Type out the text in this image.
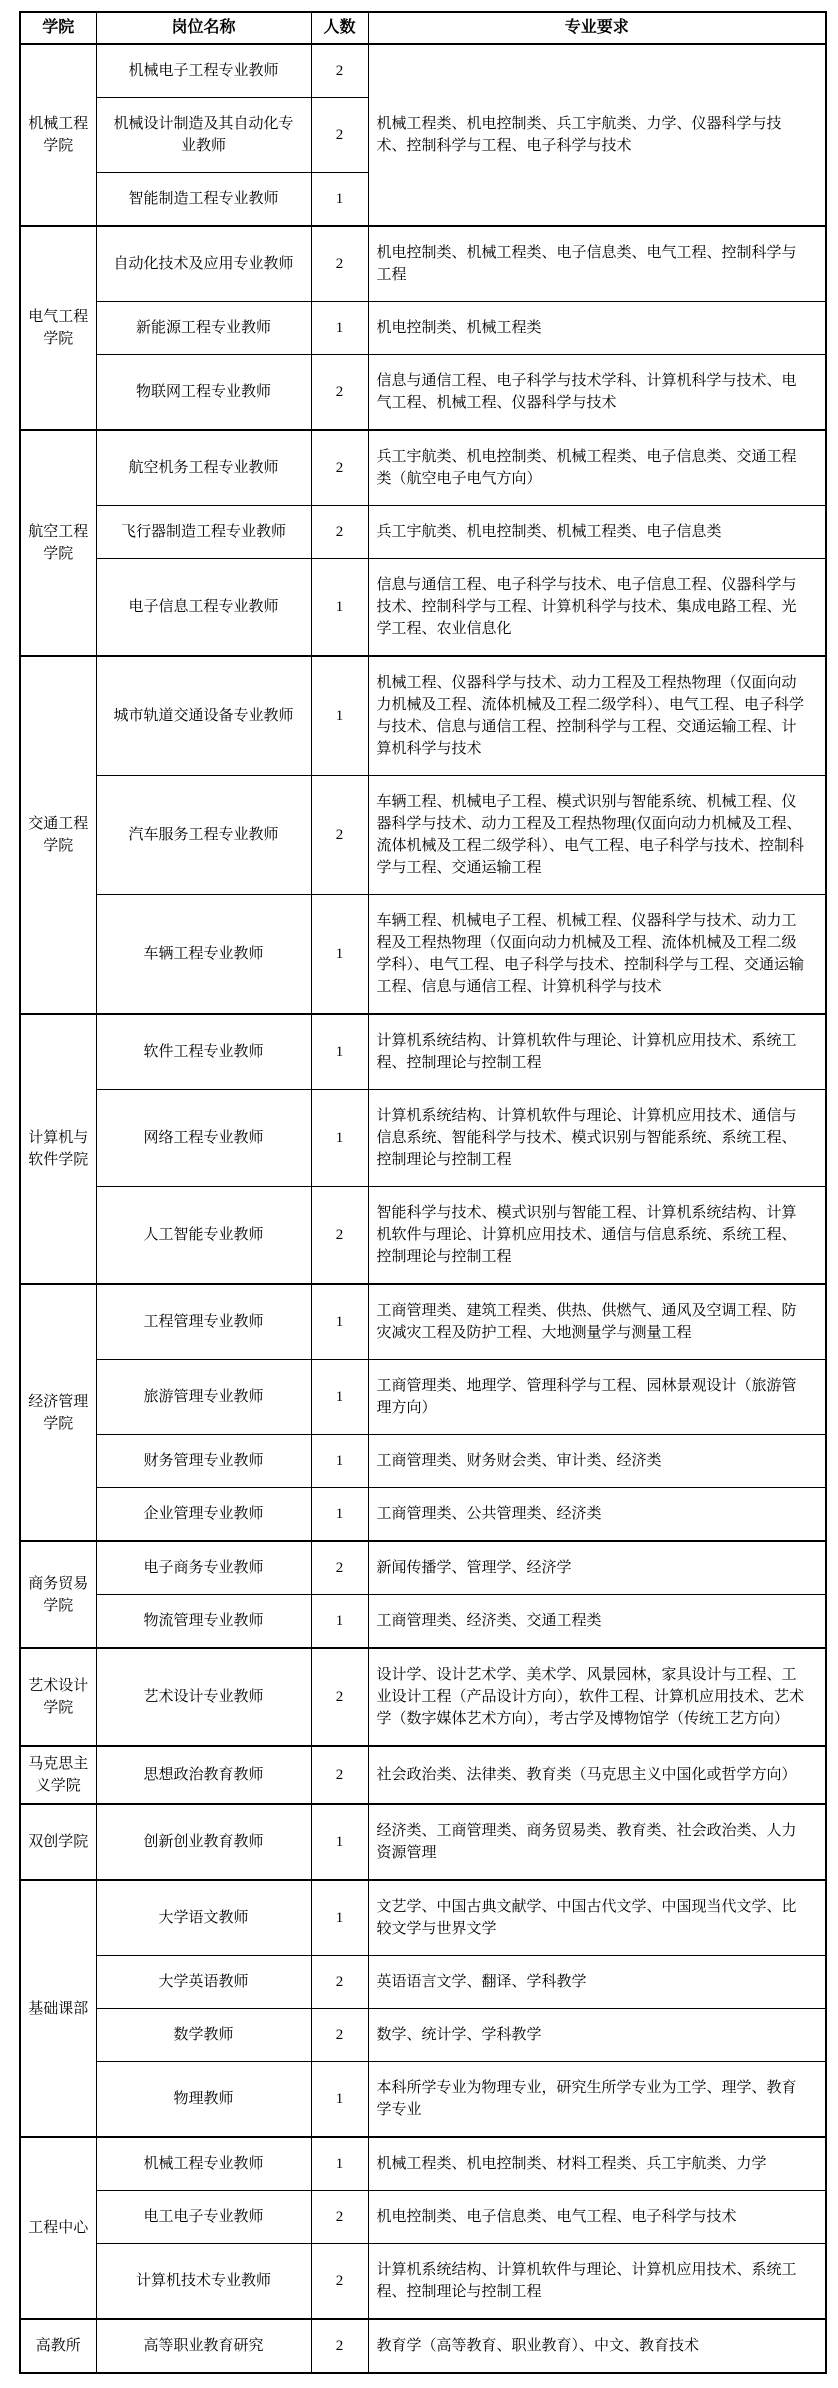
学院	岗位名称	人数	专业要求
机械工程学院	机械电子工程专业教师	2	机械工程类、机电控制类、兵工宇航类、力学、仪器科学与技术、控制科学与工程、电子科学与技术
	机械设计制造及其自动化专业教师	2	
	智能制造工程专业教师	1	
电气工程学院	自动化技术及应用专业教师	2	机电控制类、机械工程类、电子信息类、电气工程、控制科学与工程
	新能源工程专业教师	1	机电控制类、机械工程类
	物联网工程专业教师	2	信息与通信工程、电子科学与技术学科、计算机科学与技术、电气工程、机械工程、仪器科学与技术
航空工程学院	航空机务工程专业教师	2	兵工宇航类、机电控制类、机械工程类、电子信息类、交通工程类（航空电子电气方向）
	飞行器制造工程专业教师	2	兵工宇航类、机电控制类、机械工程类、电子信息类
	电子信息工程专业教师	1	信息与通信工程、电子科学与技术、电子信息工程、仪器科学与技术、控制科学与工程、计算机科学与技术、集成电路工程、光学工程、农业信息化
交通工程学院	城市轨道交通设备专业教师	1	机械工程、仪器科学与技术、动力工程及工程热物理（仅面向动力机械及工程、流体机械及工程二级学科）、电气工程、电子科学与技术、信息与通信工程、控制科学与工程、交通运输工程、计算机科学与技术
	汽车服务工程专业教师	2	车辆工程、机械电子工程、模式识别与智能系统、机械工程、仪器科学与技术、动力工程及工程热物理(仅面向动力机械及工程、流体机械及工程二级学科）、电气工程、电子科学与技术、控制科学与工程、交通运输工程
	车辆工程专业教师	1	车辆工程、机械电子工程、机械工程、仪器科学与技术、动力工程及工程热物理（仅面向动力机械及工程、流体机械及工程二级学科）、电气工程、电子科学与技术、控制科学与工程、交通运输工程、信息与通信工程、计算机科学与技术
计算机与软件学院	软件工程专业教师	1	计算机系统结构、计算机软件与理论、计算机应用技术、系统工程、控制理论与控制工程
	网络工程专业教师	1	计算机系统结构、计算机软件与理论、计算机应用技术、通信与信息系统、智能科学与技术、模式识别与智能系统、系统工程、控制理论与控制工程
	人工智能专业教师	2	智能科学与技术、模式识别与智能工程、计算机系统结构、计算机软件与理论、计算机应用技术、通信与信息系统、系统工程、控制理论与控制工程
经济管理学院	工程管理专业教师	1	工商管理类、建筑工程类、供热、供燃气、通风及空调工程、防灾减灾工程及防护工程、大地测量学与测量工程
	旅游管理专业教师	1	工商管理类、地理学、管理科学与工程、园林景观设计（旅游管理方向）
	财务管理专业教师	1	工商管理类、财务财会类、审计类、经济类
	企业管理专业教师	1	工商管理类、公共管理类、经济类
商务贸易学院	电子商务专业教师	2	新闻传播学、管理学、经济学
	物流管理专业教师	1	工商管理类、经济类、交通工程类
艺术设计学院	艺术设计专业教师	2	设计学、设计艺术学、美术学、风景园林，家具设计与工程、工业设计工程（产品设计方向），软件工程、计算机应用技术、艺术学（数字媒体艺术方向），考古学及博物馆学（传统工艺方向）
马克思主义学院	思想政治教育教师	2	社会政治类、法律类、教育类（马克思主义中国化或哲学方向）
双创学院	创新创业教育教师	1	经济类、工商管理类、商务贸易类、教育类、社会政治类、人力资源管理
基础课部	大学语文教师	1	文艺学、中国古典文献学、中国古代文学、中国现当代文学、比较文学与世界文学
	大学英语教师	2	英语语言文学、翻译、学科教学
	数学教师	2	数学、统计学、学科教学
	物理教师	1	本科所学专业为物理专业，研究生所学专业为工学、理学、教育学专业
工程中心	机械工程专业教师	1	机械工程类、机电控制类、材料工程类、兵工宇航类、力学
	电工电子专业教师	2	机电控制类、电子信息类、电气工程、电子科学与技术
	计算机技术专业教师	2	计算机系统结构、计算机软件与理论、计算机应用技术、系统工程、控制理论与控制工程
高教所	高等职业教育研究	2	教育学（高等教育、职业教育）、中文、教育技术
